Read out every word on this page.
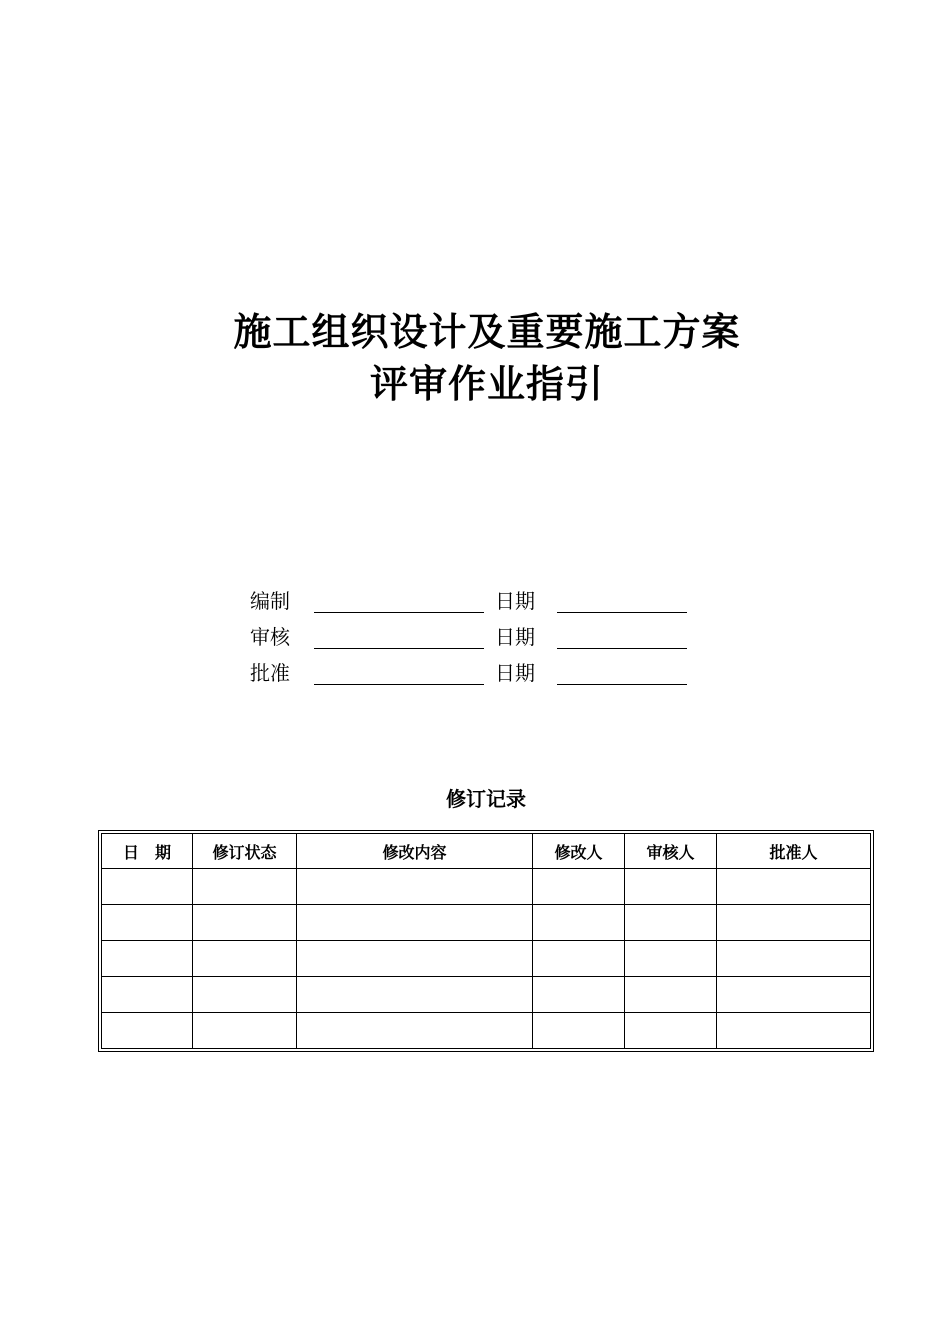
施工组织设计及重要施工方案
评审作业指引
编制	日期
审核	日期
批准	日期
修订记录
日　期	修订状态	修改内容	修改人	审核人	批准人
